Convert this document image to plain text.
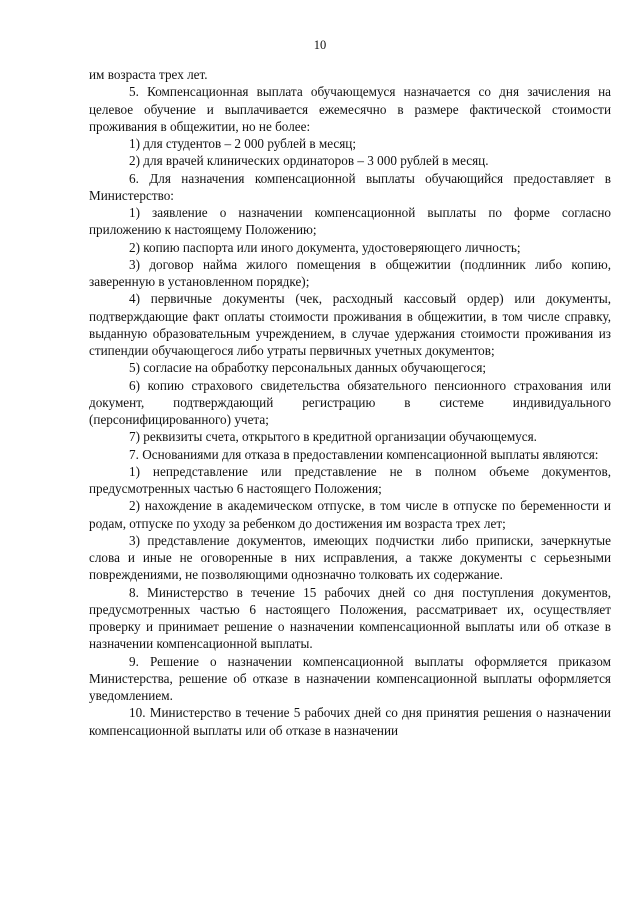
10

им возраста трех лет.

5. Компенсационная выплата обучающемуся назначается со дня зачисления на целевое обучение и выплачивается ежемесячно в размере фактической стоимости проживания в общежитии, но не более:

1) для студентов – 2 000 рублей в месяц;

2) для врачей клинических ординаторов – 3 000 рублей в месяц.

6. Для назначения компенсационной выплаты обучающийся предоставляет в Министерство:

1) заявление о назначении компенсационной выплаты по форме согласно приложению к настоящему Положению;

2) копию паспорта или иного документа, удостоверяющего личность;

3) договор найма жилого помещения в общежитии (подлинник либо копию, заверенную в установленном порядке);

4) первичные документы (чек, расходный кассовый ордер) или документы, подтверждающие факт оплаты стоимости проживания в общежитии, в том числе справку, выданную образовательным учреждением, в случае удержания стоимости проживания из стипендии обучающегося либо утраты первичных учетных документов;

5) согласие на обработку персональных данных обучающегося;

6) копию страхового свидетельства обязательного пенсионного страхования или документ, подтверждающий регистрацию в системе индивидуального (персонифицированного) учета;

7) реквизиты счета, открытого в кредитной организации обучающемуся.

7. Основаниями для отказа в предоставлении компенсационной выплаты являются:

1) непредставление или представление не в полном объеме документов, предусмотренных частью 6 настоящего Положения;

2) нахождение в академическом отпуске, в том числе в отпуске по беременности и родам, отпуске по уходу за ребенком до достижения им возраста трех лет;

3) представление документов, имеющих подчистки либо приписки, зачеркнутые слова и иные не оговоренные в них исправления, а также документы с серьезными повреждениями, не позволяющими однозначно толковать их содержание.

8. Министерство в течение 15 рабочих дней со дня поступления документов, предусмотренных частью 6 настоящего Положения, рассматривает их, осуществляет проверку и принимает решение о назначении компенсационной выплаты или об отказе в назначении компенсационной выплаты.

9. Решение о назначении компенсационной выплаты оформляется приказом Министерства, решение об отказе в назначении компенсационной выплаты оформляется уведомлением.

10. Министерство в течение 5 рабочих дней со дня принятия решения о назначении компенсационной выплаты или об отказе в назначении
